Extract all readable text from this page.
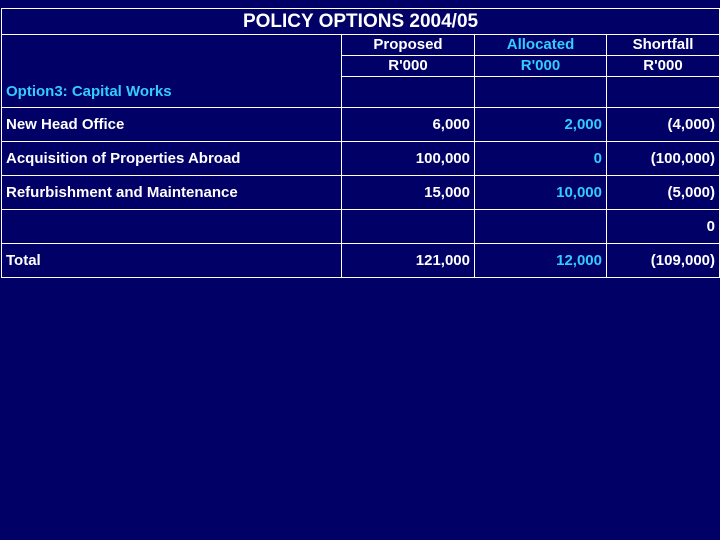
POLICY OPTIONS 2004/05			
	Proposed	Allocated	Shortfall
	R'000	R'000	R'000
Option3: Capital Works			
New Head Office	6,000	2,000	(4,000)
Acquisition of Properties Abroad	100,000	0	(100,000)
Refurbishment and Maintenance	15,000	10,000	(5,000)
			0
Total	121,000	12,000	(109,000)
